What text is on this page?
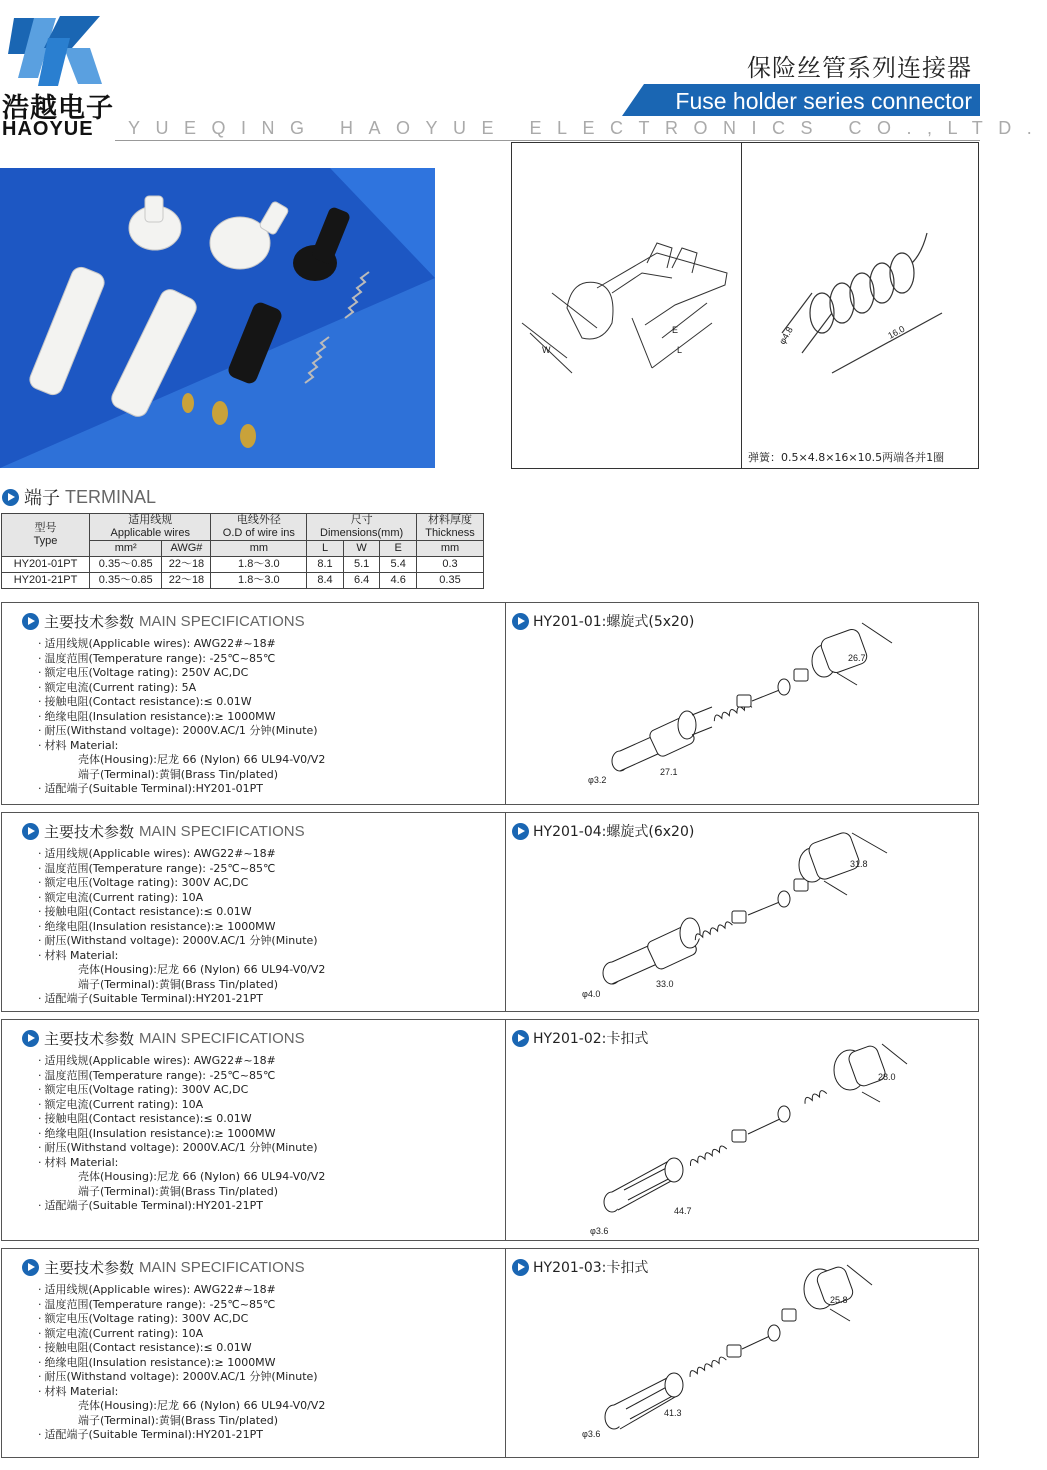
浩越电子
HAOYUE
保险丝管系列连接器
Fuse holder series connector
YUEQING HAOYUE ELECTRONICS CO.,LTD.
W
E
L
φ4.8	16.0
弹簧：0.5×4.8×16×10.5两端各并1圈
端子 TERMINAL
型号
Type	适用线规
Applicable wires		电线外径
O.D of wire ins	尺寸
Dimensions(mm)			材料厚度
Thickness
	mm²	AWG#	mm	L	W	E	mm
HY201-01PT	0.35～0.85	22～18	1.8～3.0	8.1	5.1	5.4	0.3
HY201-21PT	0.35～0.85	22～18	1.8～3.0	8.4	6.4	4.6	0.35
主要技术参数 MAIN SPECIFICATIONS
· 适用线规(Applicable wires): AWG22#~18#
· 温度范围(Temperature range): -25℃~85℃
· 额定电压(Voltage rating): 250V AC,DC
· 额定电流(Current rating): 5A
· 接触电阻(Contact resistance):≤ 0.01W
· 绝缘电阻(Insulation resistance):≥ 1000MW
· 耐压(Withstand voltage): 2000V.AC/1 分钟(Minute)
· 材料 Material:
壳体(Housing):尼龙 66 (Nylon) 66 UL94-V0/V2
端子(Terminal):黄铜(Brass Tin/plated)
· 适配端子(Suitable Terminal):HY201-01PT
HY201-01:螺旋式(5x20)
26.7
27.1
φ3.2
主要技术参数 MAIN SPECIFICATIONS
· 适用线规(Applicable wires): AWG22#~18#
· 温度范围(Temperature range): -25℃~85℃
· 额定电压(Voltage rating): 300V AC,DC
· 额定电流(Current rating): 10A
· 接触电阻(Contact resistance):≤ 0.01W
· 绝缘电阻(Insulation resistance):≥ 1000MW
· 耐压(Withstand voltage): 2000V.AC/1 分钟(Minute)
· 材料 Material:
壳体(Housing):尼龙 66 (Nylon) 66 UL94-V0/V2
端子(Terminal):黄铜(Brass Tin/plated)
· 适配端子(Suitable Terminal):HY201-21PT
HY201-04:螺旋式(6x20)
31.8
33.0
φ4.0
主要技术参数 MAIN SPECIFICATIONS
· 适用线规(Applicable wires): AWG22#~18#
· 温度范围(Temperature range): -25℃~85℃
· 额定电压(Voltage rating): 300V AC,DC
· 额定电流(Current rating): 10A
· 接触电阻(Contact resistance):≤ 0.01W
· 绝缘电阻(Insulation resistance):≥ 1000MW
· 耐压(Withstand voltage): 2000V.AC/1 分钟(Minute)
· 材料 Material:
壳体(Housing):尼龙 66 (Nylon) 66 UL94-V0/V2
端子(Terminal):黄铜(Brass Tin/plated)
· 适配端子(Suitable Terminal):HY201-21PT
HY201-02:卡扣式
28.0
44.7
φ3.6
主要技术参数 MAIN SPECIFICATIONS
· 适用线规(Applicable wires): AWG22#~18#
· 温度范围(Temperature range): -25℃~85℃
· 额定电压(Voltage rating): 300V AC,DC
· 额定电流(Current rating): 10A
· 接触电阻(Contact resistance):≤ 0.01W
· 绝缘电阻(Insulation resistance):≥ 1000MW
· 耐压(Withstand voltage): 2000V.AC/1 分钟(Minute)
· 材料 Material:
壳体(Housing):尼龙 66 (Nylon) 66 UL94-V0/V2
端子(Terminal):黄铜(Brass Tin/plated)
· 适配端子(Suitable Terminal):HY201-21PT
HY201-03:卡扣式
25.8
41.3
φ3.6
